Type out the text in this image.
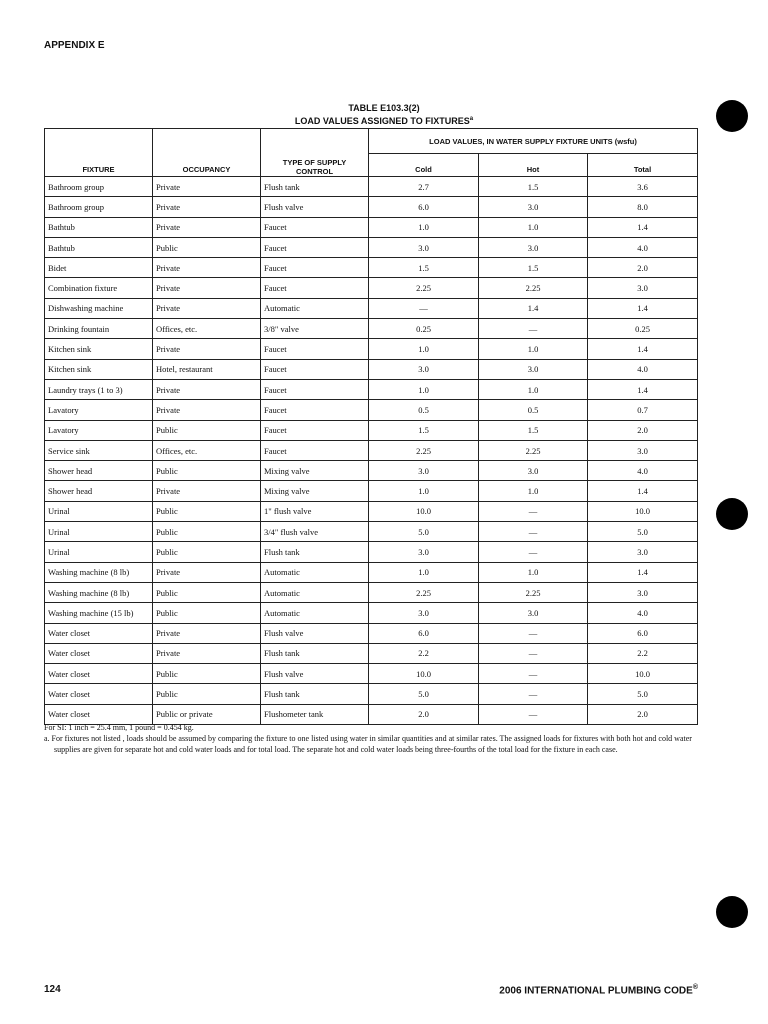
APPENDIX E
TABLE E103.3(2)
LOAD VALUES ASSIGNED TO FIXTURES$^a$
FIXTURE	OCCUPANCY	TYPE OF SUPPLY CONTROL	LOAD VALUES, IN WATER SUPPLY FIXTURE UNITS (wsfu)		
			Cold	Hot	Total
Bathroom group	Private	Flush tank	2.7	1.5	3.6
Bathroom group	Private	Flush valve	6.0	3.0	8.0
Bathtub	Private	Faucet	1.0	1.0	1.4
Bathtub	Public	Faucet	3.0	3.0	4.0
Bidet	Private	Faucet	1.5	1.5	2.0
Combination fixture	Private	Faucet	2.25	2.25	3.0
Dishwashing machine	Private	Automatic	—	1.4	1.4
Drinking fountain	Offices, etc.	3/8" valve	0.25	—	0.25
Kitchen sink	Private	Faucet	1.0	1.0	1.4
Kitchen sink	Hotel, restaurant	Faucet	3.0	3.0	4.0
Laundry trays (1 to 3)	Private	Faucet	1.0	1.0	1.4
Lavatory	Private	Faucet	0.5	0.5	0.7
Lavatory	Public	Faucet	1.5	1.5	2.0
Service sink	Offices, etc.	Faucet	2.25	2.25	3.0
Shower head	Public	Mixing valve	3.0	3.0	4.0
Shower head	Private	Mixing valve	1.0	1.0	1.4
Urinal	Public	1" flush valve	10.0	—	10.0
Urinal	Public	3/4" flush valve	5.0	—	5.0
Urinal	Public	Flush tank	3.0	—	3.0
Washing machine (8 lb)	Private	Automatic	1.0	1.0	1.4
Washing machine (8 lb)	Public	Automatic	2.25	2.25	3.0
Washing machine (15 lb)	Public	Automatic	3.0	3.0	4.0
Water closet	Private	Flush valve	6.0	—	6.0
Water closet	Private	Flush tank	2.2	—	2.2
Water closet	Public	Flush valve	10.0	—	10.0
Water closet	Public	Flush tank	5.0	—	5.0
Water closet	Public or private	Flushometer tank	2.0	—	2.0

For SI: 1 inch = 25.4 mm, 1 pound = 0.454 kg.

a. For fixtures not listed , loads should be assumed by comparing the fixture to one listed using water in similar quantities and at similar rates. The assigned loads for fixtures with both hot and cold water supplies are given for separate hot and cold water loads and for total load. The separate hot and cold water loads being three-fourths of the total load for the fixture in each case.

124	2006 INTERNATIONAL PLUMBING CODE®
